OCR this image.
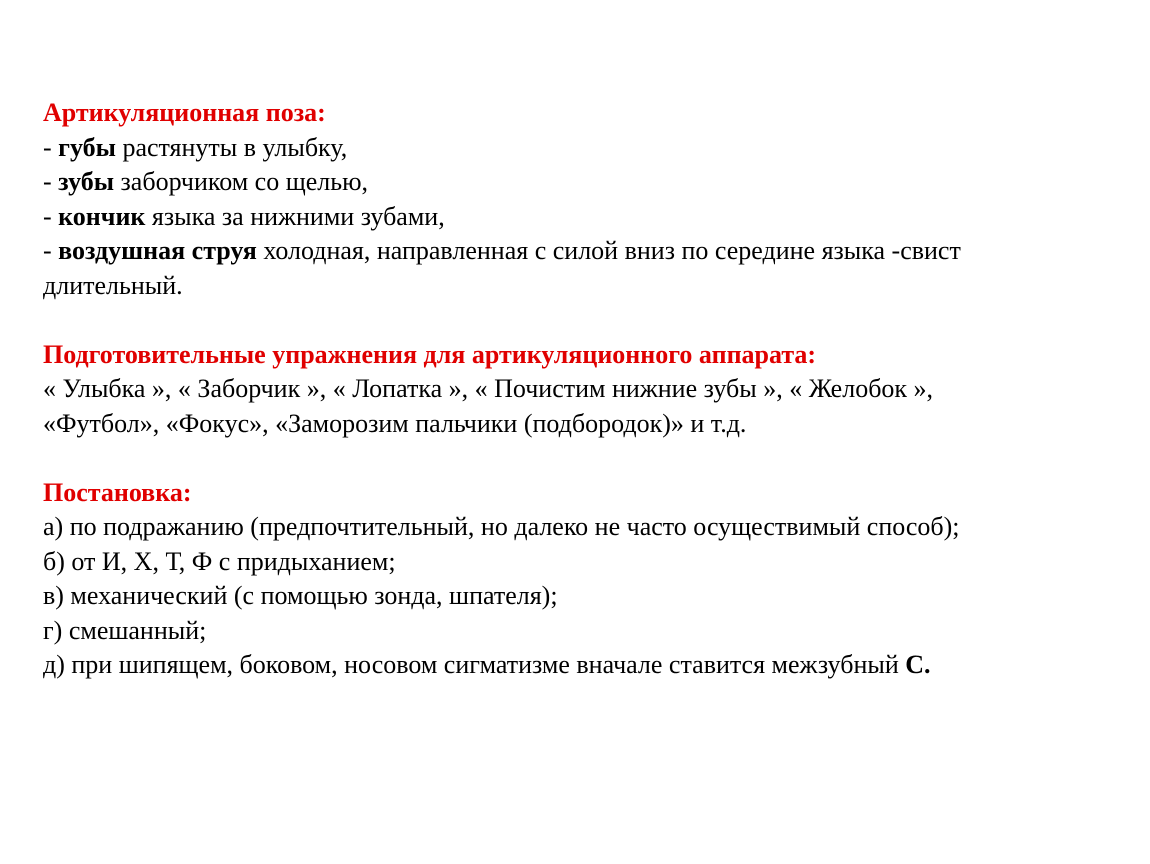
Артикуляционная поза:
- губы растянуты в улыбку,
- зубы заборчиком со щелью,
- кончик языка за нижними зубами,
- воздушная струя холодная, направленная с силой вниз по середине языка -свист длительный.
Подготовительные упражнения для артикуляционного аппарата:
« Улыбка », « Заборчик », « Лопатка », « Почистим нижние зубы », « Желобок »,
«Футбол», «Фокус», «Заморозим пальчики (подбородок)» и т.д.
Постановка:
а) по подражанию (предпочтительный, но далеко не часто осуществимый способ);
б) от И, Х, Т, Ф с придыханием;
в) механический (с помощью зонда, шпателя);
г) смешанный;
д) при шипящем, боковом, носовом сигматизме вначале ставится межзубный С.
